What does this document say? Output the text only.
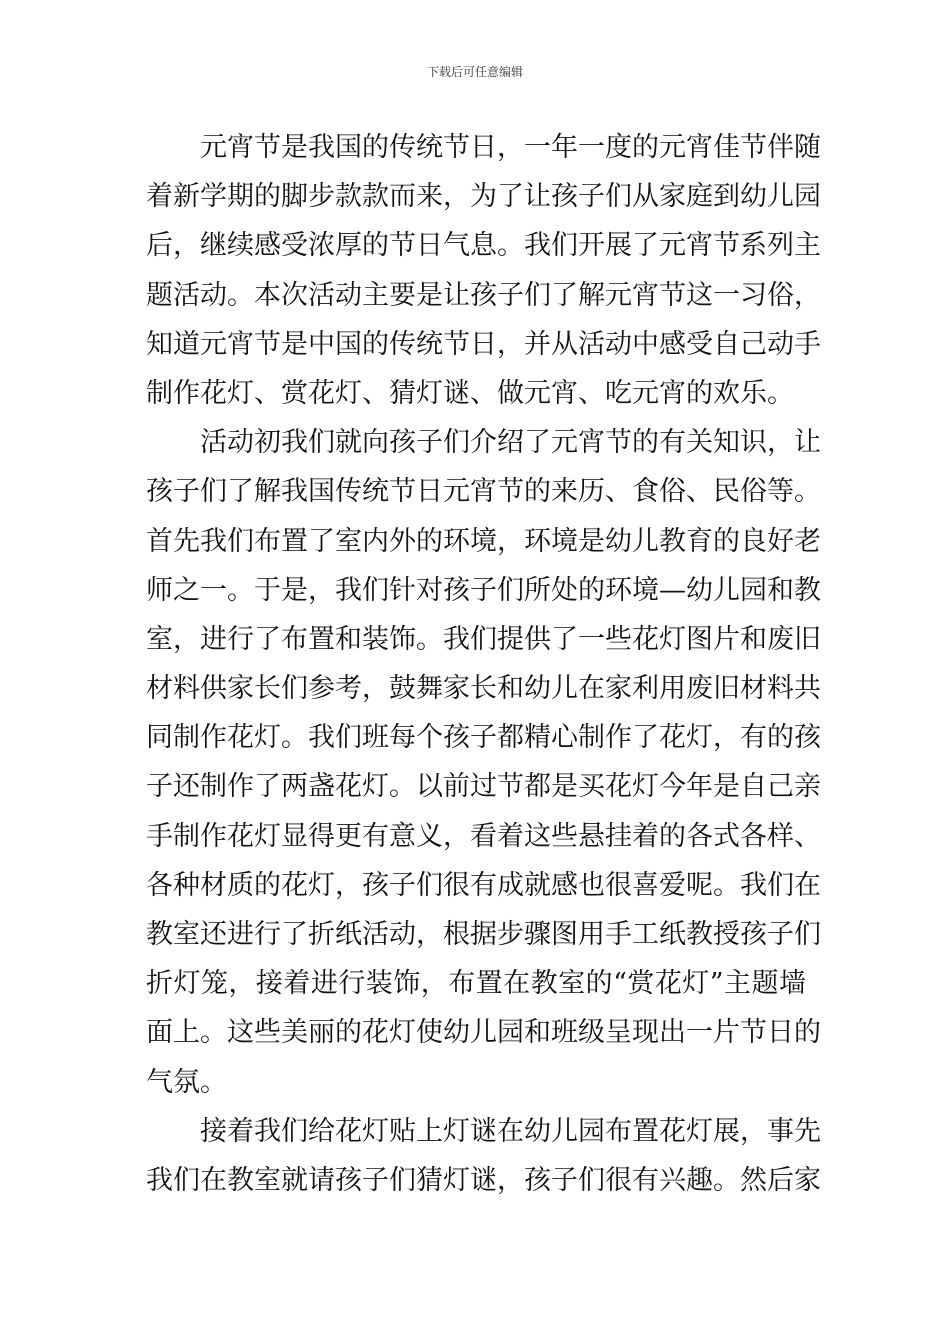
下载后可任意编辑
元宵节是我国的传统节日，一年一度的元宵佳节伴随
着新学期的脚步款款而来，为了让孩子们从家庭到幼儿园
后，继续感受浓厚的节日气息。我们开展了元宵节系列主
题活动。本次活动主要是让孩子们了解元宵节这一习俗，
知道元宵节是中国的传统节日，并从活动中感受自己动手
制作花灯、赏花灯、猜灯谜、做元宵、吃元宵的欢乐。
活动初我们就向孩子们介绍了元宵节的有关知识，让
孩子们了解我国传统节日元宵节的来历、食俗、民俗等。
首先我们布置了室内外的环境，环境是幼儿教育的良好老
师之一。于是，我们针对孩子们所处的环境—幼儿园和教
室，进行了布置和装饰。我们提供了一些花灯图片和废旧
材料供家长们参考，鼓舞家长和幼儿在家利用废旧材料共
同制作花灯。我们班每个孩子都精心制作了花灯，有的孩
子还制作了两盏花灯。以前过节都是买花灯今年是自己亲
手制作花灯显得更有意义，看着这些悬挂着的各式各样、
各种材质的花灯，孩子们很有成就感也很喜爱呢。我们在
教室还进行了折纸活动，根据步骤图用手工纸教授孩子们
折灯笼，接着进行装饰，布置在教室的“赏花灯”主题墙
面上。这些美丽的花灯使幼儿园和班级呈现出一片节日的
气氛。
接着我们给花灯贴上灯谜在幼儿园布置花灯展，事先
我们在教室就请孩子们猜灯谜，孩子们很有兴趣。然后家
